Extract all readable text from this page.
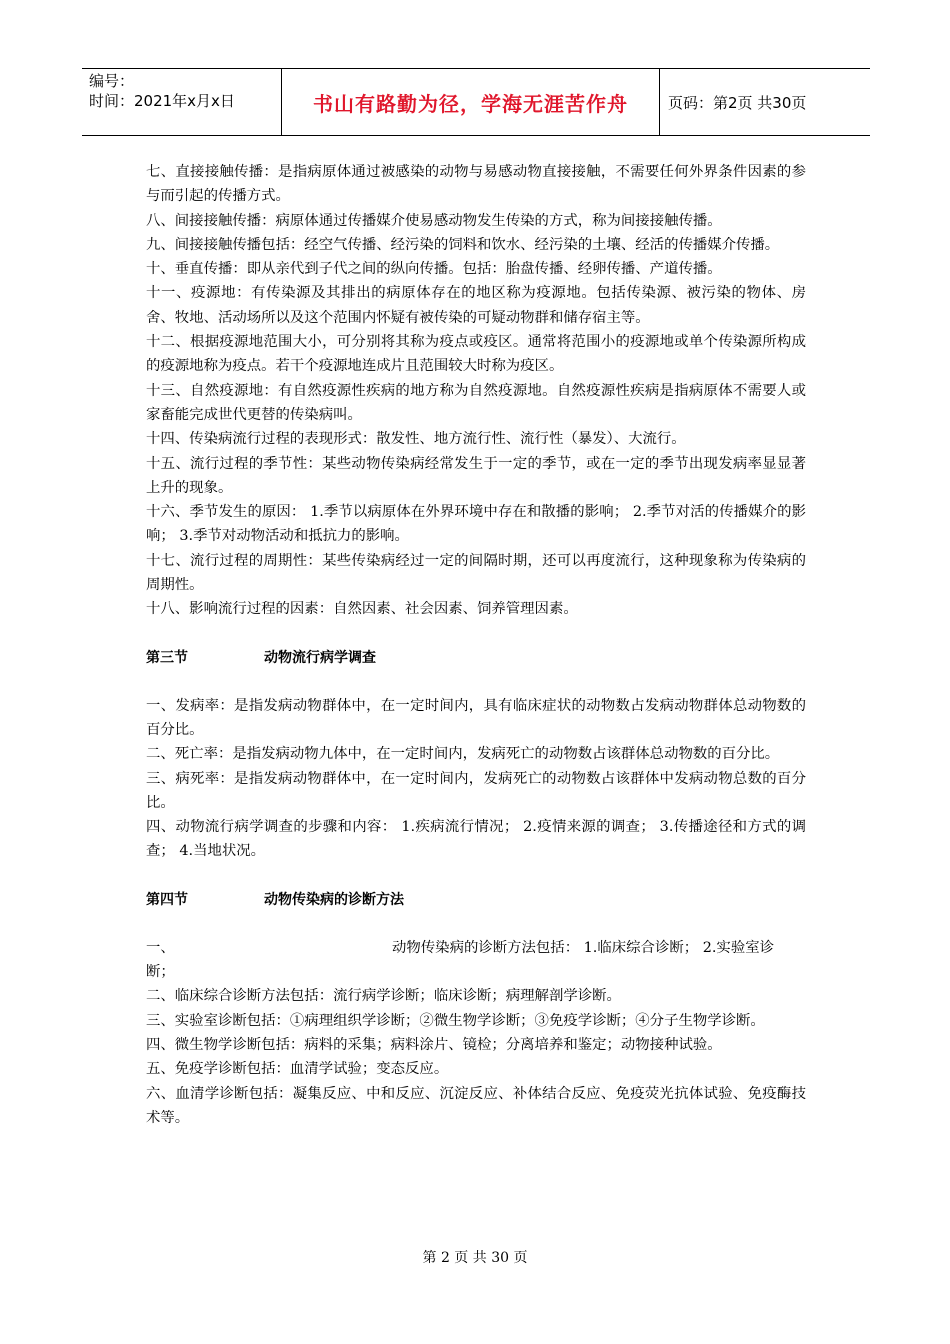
编号：
时间：2021年x月x日	书山有路勤为径，学海无涯苦作舟	页码：第2页 共30页

七、直接接触传播：是指病原体通过被感染的动物与易感动物直接接触，不需要任何外界条件因素的参与而引起的传播方式。

八、间接接触传播：病原体通过传播媒介使易感动物发生传染的方式，称为间接接触传播。

九、间接接触传播包括：经空气传播、经污染的饲料和饮水、经污染的土壤、经活的传播媒介传播。

十、垂直传播：即从亲代到子代之间的纵向传播。包括：胎盘传播、经卵传播、产道传播。

十一、疫源地：有传染源及其排出的病原体存在的地区称为疫源地。包括传染源、被污染的物体、房舍、牧地、活动场所以及这个范围内怀疑有被传染的可疑动物群和储存宿主等。

十二、根据疫源地范围大小，可分别将其称为疫点或疫区。通常将范围小的疫源地或单个传染源所构成的疫源地称为疫点。若干个疫源地连成片且范围较大时称为疫区。

十三、自然疫源地：有自然疫源性疾病的地方称为自然疫源地。自然疫源性疾病是指病原体不需要人或家畜能完成世代更替的传染病叫。

十四、传染病流行过程的表现形式：散发性、地方流行性、流行性（暴发）、大流行。

十五、流行过程的季节性：某些动物传染病经常发生于一定的季节，或在一定的季节出现发病率显显著上升的现象。

十六、季节发生的原因： 1.季节以病原体在外界环境中存在和散播的影响； 2.季节对活的传播媒介的影响； 3.季节对动物活动和抵抗力的影响。

十七、流行过程的周期性：某些传染病经过一定的间隔时期，还可以再度流行，这种现象称为传染病的周期性。

十八、影响流行过程的因素：自然因素、社会因素、饲养管理因素。

第三节	动物流行病学调查

一、发病率：是指发病动物群体中，在一定时间内，具有临床症状的动物数占发病动物群体总动物数的百分比。

二、死亡率：是指发病动物九体中，在一定时间内，发病死亡的动物数占该群体总动物数的百分比。

三、病死率：是指发病动物群体中，在一定时间内，发病死亡的动物数占该群体中发病动物总数的百分比。

四、动物流行病学调查的步骤和内容： 1.疾病流行情况； 2.疫情来源的调查； 3.传播途径和方式的调查； 4.当地状况。

第四节	动物传染病的诊断方法
一、	动物传染病的诊断方法包括： 1.临床综合诊断； 2.实验室诊

断；

二、临床综合诊断方法包括：流行病学诊断；临床诊断；病理解剖学诊断。

三、实验室诊断包括：①病理组织学诊断；②微生物学诊断；③免疫学诊断；④分子生物学诊断。

四、微生物学诊断包括：病料的采集；病料涂片、镜检；分离培养和鉴定；动物接种试验。

五、免疫学诊断包括：血清学试验；变态反应。

六、血清学诊断包括：凝集反应、中和反应、沉淀反应、补体结合反应、免疫荧光抗体试验、免疫酶技术等。

第 2 页 共 30 页
